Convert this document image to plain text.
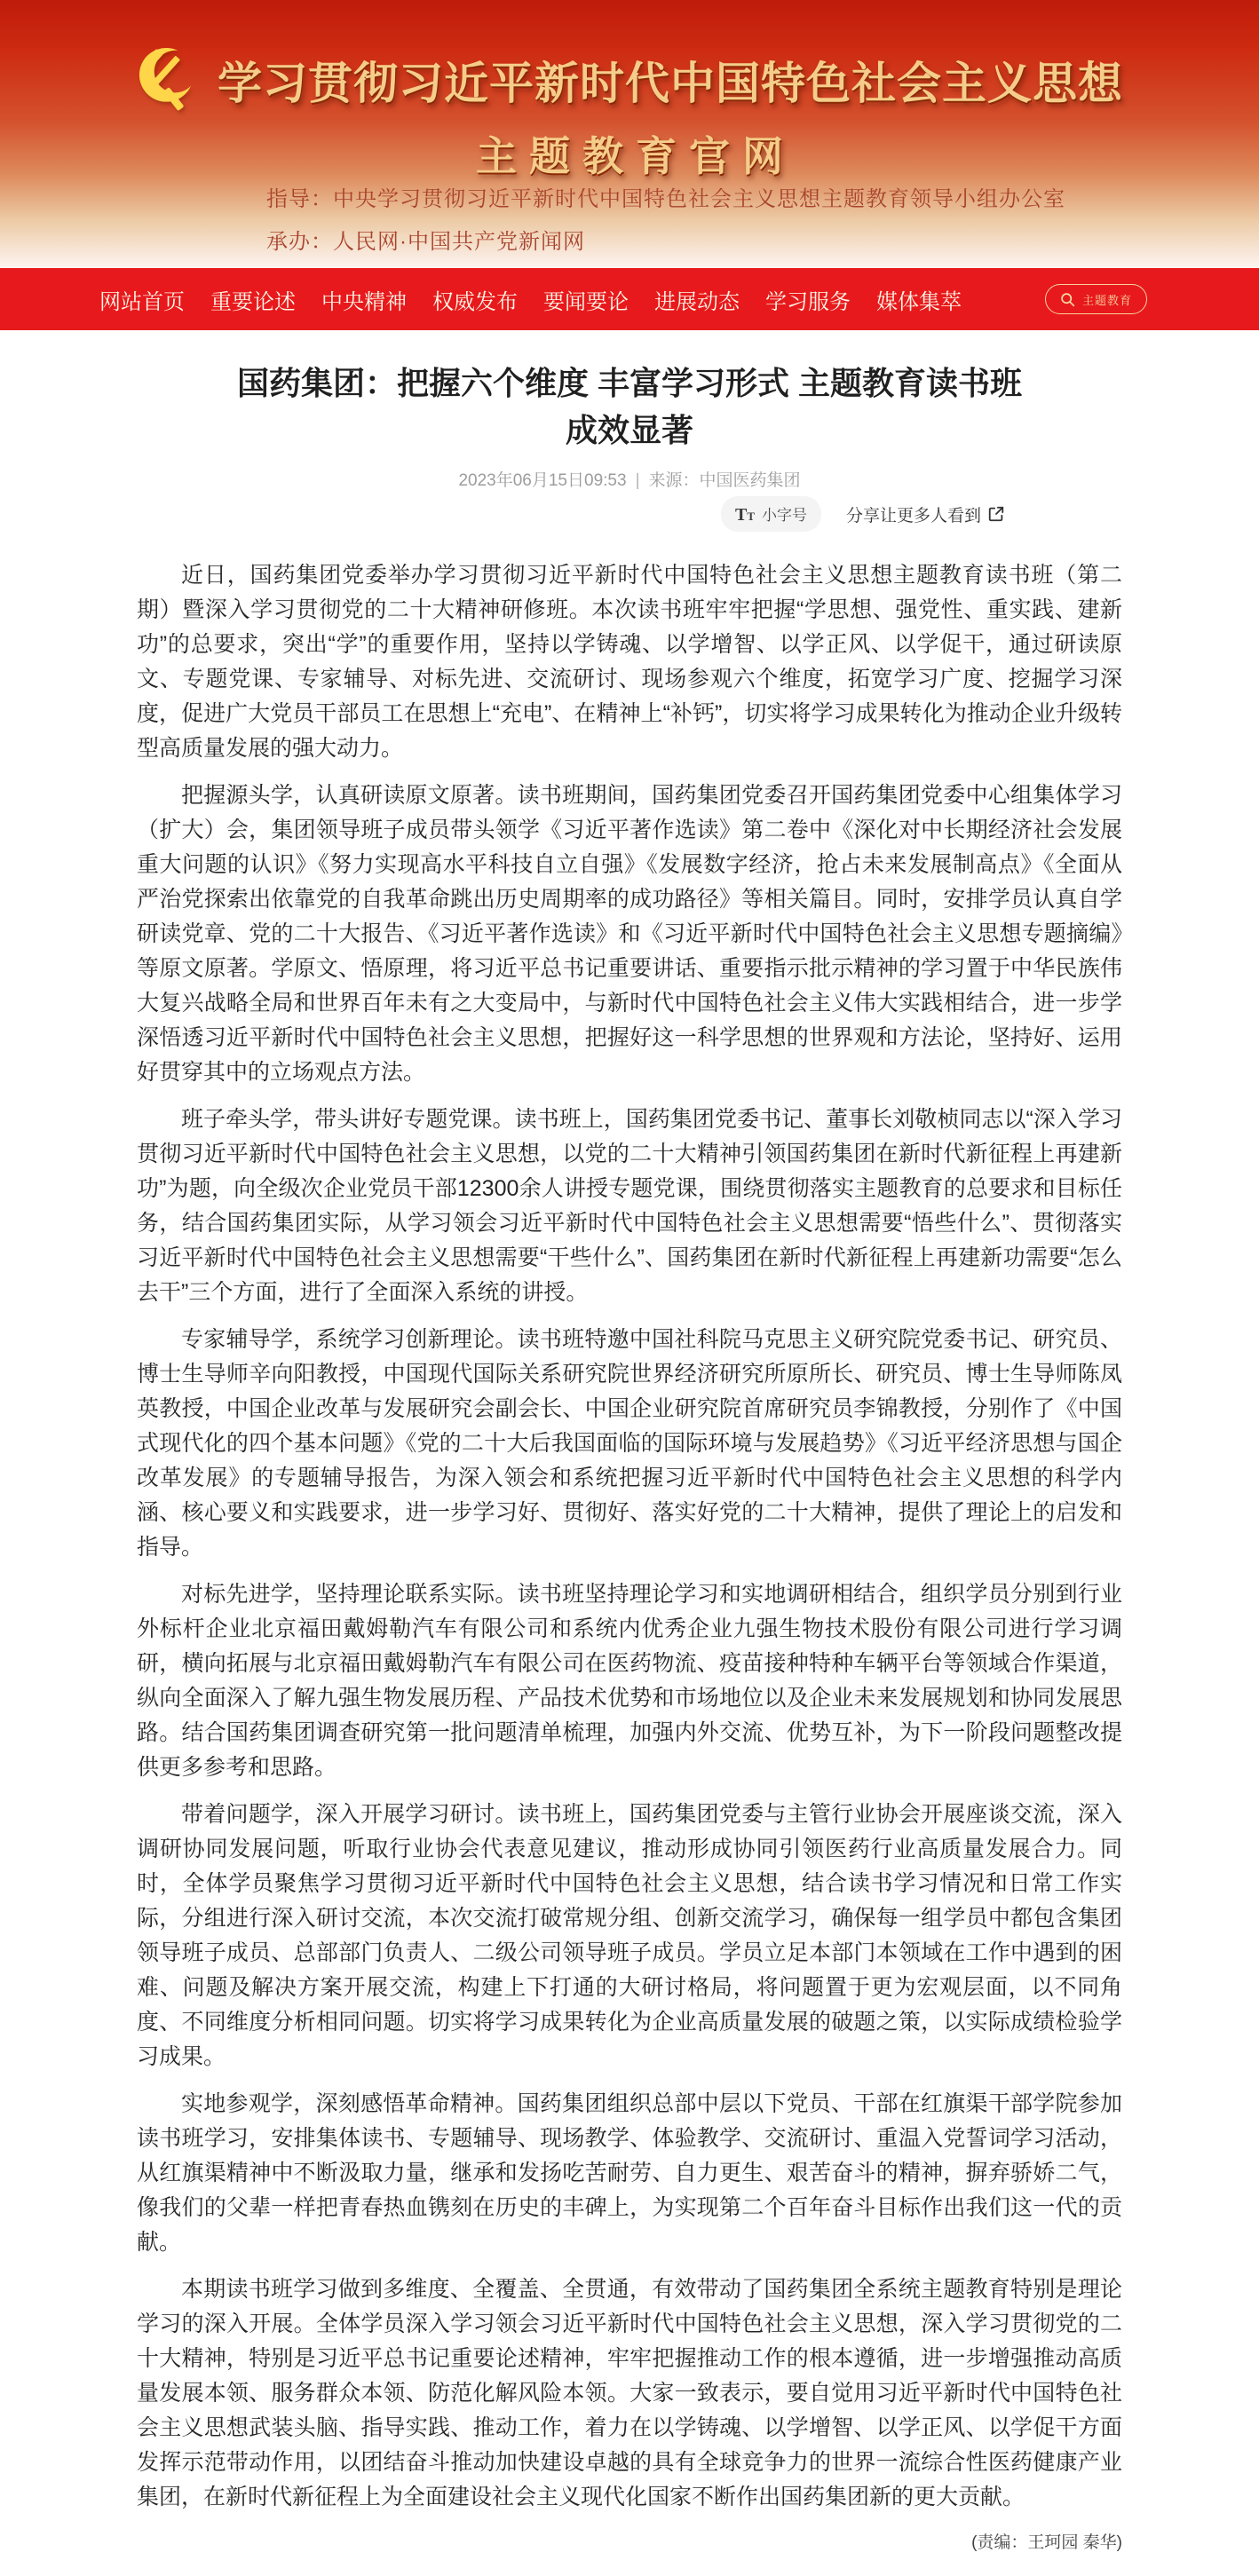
学习贯彻习近平新时代中国特色社会主义思想
主题教育官网
指导：中央学习贯彻习近平新时代中国特色社会主义思想主题教育领导小组办公室
承办：人民网·中国共产党新闻网
网站首页 重要论述 中央精神 权威发布 要闻要论 进展动态 学习服务 媒体集萃	主题教育
国药集团：把握六个维度 丰富学习形式 主题教育读书班成效显著
2023年06月15日09:53 | 来源：中国医药集团
TT 小字号 分享让更多人看到

近日，国药集团党委举办学习贯彻习近平新时代中国特色社会主义思想主题教育读书班（第二期）暨深入学习贯彻党的二十大精神研修班。本次读书班牢牢把握“学思想、强党性、重实践、建新功”的总要求，突出“学”的重要作用，坚持以学铸魂、以学增智、以学正风、以学促干，通过研读原文、专题党课、专家辅导、对标先进、交流研讨、现场参观六个维度，拓宽学习广度、挖掘学习深度，促进广大党员干部员工在思想上“充电”、在精神上“补钙”，切实将学习成果转化为推动企业升级转型高质量发展的强大动力。

把握源头学，认真研读原文原著。读书班期间，国药集团党委召开国药集团党委中心组集体学习（扩大）会，集团领导班子成员带头领学《习近平著作选读》第二卷中《深化对中长期经济社会发展重大问题的认识》《努力实现高水平科技自立自强》《发展数字经济，抢占未来发展制高点》《全面从严治党探索出依靠党的自我革命跳出历史周期率的成功路径》等相关篇目。同时，安排学员认真自学研读党章、党的二十大报告、《习近平著作选读》和《习近平新时代中国特色社会主义思想专题摘编》等原文原著。学原文、悟原理，将习近平总书记重要讲话、重要指示批示精神的学习置于中华民族伟大复兴战略全局和世界百年未有之大变局中，与新时代中国特色社会主义伟大实践相结合，进一步学深悟透习近平新时代中国特色社会主义思想，把握好这一科学思想的世界观和方法论，坚持好、运用好贯穿其中的立场观点方法。

班子牵头学，带头讲好专题党课。读书班上，国药集团党委书记、董事长刘敬桢同志以“深入学习贯彻习近平新时代中国特色社会主义思想，以党的二十大精神引领国药集团在新时代新征程上再建新功”为题，向全级次企业党员干部12300余人讲授专题党课，围绕贯彻落实主题教育的总要求和目标任务，结合国药集团实际，从学习领会习近平新时代中国特色社会主义思想需要“悟些什么”、贯彻落实习近平新时代中国特色社会主义思想需要“干些什么”、国药集团在新时代新征程上再建新功需要“怎么去干”三个方面，进行了全面深入系统的讲授。

专家辅导学，系统学习创新理论。读书班特邀中国社科院马克思主义研究院党委书记、研究员、博士生导师辛向阳教授，中国现代国际关系研究院世界经济研究所原所长、研究员、博士生导师陈凤英教授，中国企业改革与发展研究会副会长、中国企业研究院首席研究员李锦教授，分别作了《中国式现代化的四个基本问题》《党的二十大后我国面临的国际环境与发展趋势》《习近平经济思想与国企改革发展》的专题辅导报告，为深入领会和系统把握习近平新时代中国特色社会主义思想的科学内涵、核心要义和实践要求，进一步学习好、贯彻好、落实好党的二十大精神，提供了理论上的启发和指导。

对标先进学，坚持理论联系实际。读书班坚持理论学习和实地调研相结合，组织学员分别到行业外标杆企业北京福田戴姆勒汽车有限公司和系统内优秀企业九强生物技术股份有限公司进行学习调研，横向拓展与北京福田戴姆勒汽车有限公司在医药物流、疫苗接种特种车辆平台等领域合作渠道，纵向全面深入了解九强生物发展历程、产品技术优势和市场地位以及企业未来发展规划和协同发展思路。结合国药集团调查研究第一批问题清单梳理，加强内外交流、优势互补，为下一阶段问题整改提供更多参考和思路。

带着问题学，深入开展学习研讨。读书班上，国药集团党委与主管行业协会开展座谈交流，深入调研协同发展问题，听取行业协会代表意见建议，推动形成协同引领医药行业高质量发展合力。同时，全体学员聚焦学习贯彻习近平新时代中国特色社会主义思想，结合读书学习情况和日常工作实际，分组进行深入研讨交流，本次交流打破常规分组、创新交流学习，确保每一组学员中都包含集团领导班子成员、总部部门负责人、二级公司领导班子成员。学员立足本部门本领域在工作中遇到的困难、问题及解决方案开展交流，构建上下打通的大研讨格局，将问题置于更为宏观层面，以不同角度、不同维度分析相同问题。切实将学习成果转化为企业高质量发展的破题之策，以实际成绩检验学习成果。

实地参观学，深刻感悟革命精神。国药集团组织总部中层以下党员、干部在红旗渠干部学院参加读书班学习，安排集体读书、专题辅导、现场教学、体验教学、交流研讨、重温入党誓词学习活动，从红旗渠精神中不断汲取力量，继承和发扬吃苦耐劳、自力更生、艰苦奋斗的精神，摒弃骄娇二气，像我们的父辈一样把青春热血镌刻在历史的丰碑上，为实现第二个百年奋斗目标作出我们这一代的贡献。

本期读书班学习做到多维度、全覆盖、全贯通，有效带动了国药集团全系统主题教育特别是理论学习的深入开展。全体学员深入学习领会习近平新时代中国特色社会主义思想，深入学习贯彻党的二十大精神，特别是习近平总书记重要论述精神，牢牢把握推动工作的根本遵循，进一步增强推动高质量发展本领、服务群众本领、防范化解风险本领。大家一致表示，要自觉用习近平新时代中国特色社会主义思想武装头脑、指导实践、推动工作，着力在以学铸魂、以学增智、以学正风、以学促干方面发挥示范带动作用，以团结奋斗推动加快建设卓越的具有全球竞争力的世界一流综合性医药健康产业集团，在新时代新征程上为全面建设社会主义现代化国家不断作出国药集团新的更大贡献。

(责编：王珂园 秦华)
